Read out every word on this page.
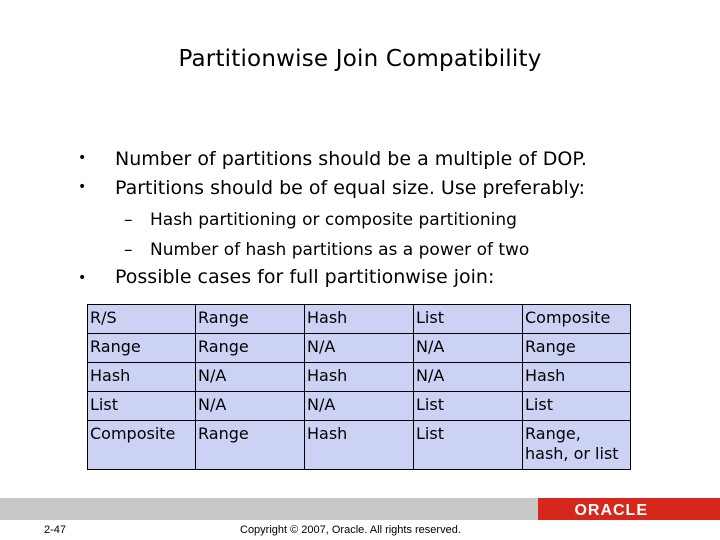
Partitionwise Join Compatibility
• Number of partitions should be a multiple of DOP.
• Partitions should be of equal size. Use preferably:
– Hash partitioning or composite partitioning
– Number of hash partitions as a power of two
• Possible cases for full partitionwise join:
R/S	Range	Hash	List	Composite
Range	Range	N/A	N/A	Range
Hash	N/A	Hash	N/A	Hash
List	N/A	N/A	List	List
Composite	Range	Hash	List	Range,
hash, or list
ORACLE
2-47	Copyright © 2007, Oracle. All rights reserved.
